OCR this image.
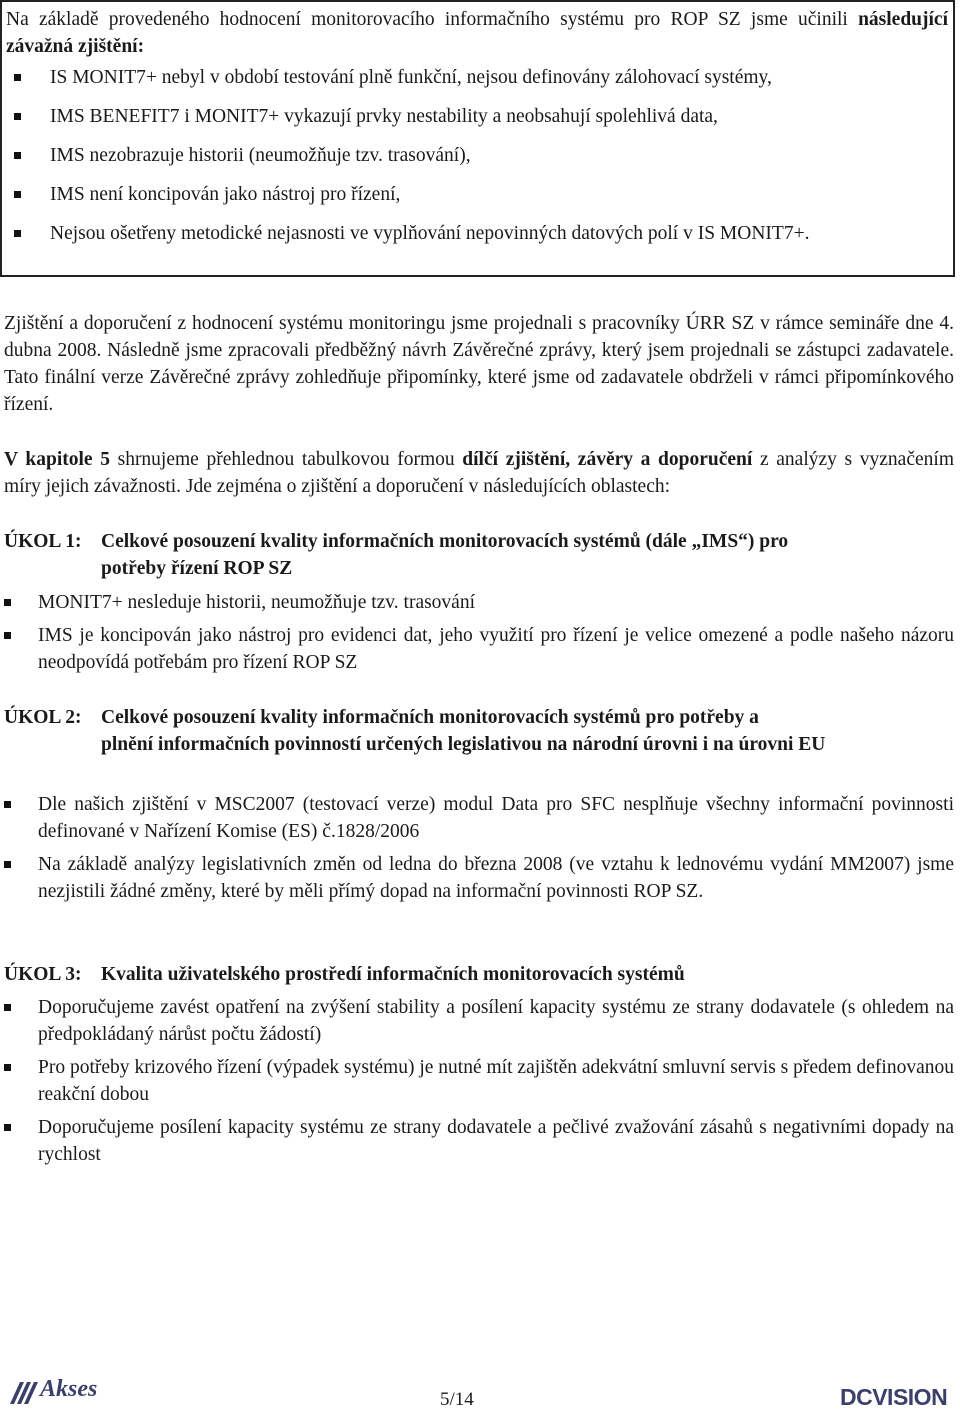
Na základě provedeného hodnocení monitorovacího informačního systému pro ROP SZ jsme učinili následující závažná zjištění:

IS MONIT7+ nebyl v období testování plně funkční, nejsou definovány zálohovací systémy,
IMS BENEFIT7 i MONIT7+ vykazují prvky nestability a neobsahují spolehlivá data,
IMS nezobrazuje historii (neumožňuje tzv. trasování),
IMS není koncipován jako nástroj pro řízení,
Nejsou ošetřeny metodické nejasnosti ve vyplňování nepovinných datových polí v IS MONIT7+.

Zjištění a doporučení z hodnocení systému monitoringu jsme projednali s pracovníky ÚRR SZ v rámce semináře dne 4. dubna 2008. Následně jsme zpracovali předběžný návrh Závěrečné zprávy, který jsem projednali se zástupci zadavatele. Tato finální verze Závěrečné zprávy zohledňuje připomínky, které jsme od zadavatele obdrželi v rámci připomínkového řízení.

V kapitole 5 shrnujeme přehlednou tabulkovou formou dílčí zjištění, závěry a doporučení z analýzy s vyznačením míry jejich závažnosti. Jde zejména o zjištění a doporučení v následujících oblastech:

ÚKOL 1: Celkové posouzení kvality informačních monitorovacích systémů (dále „IMS“) pro
potřeby řízení ROP SZ
MONIT7+ nesleduje historii, neumožňuje tzv. trasování
IMS je koncipován jako nástroj pro evidenci dat, jeho využití pro řízení je velice omezené a podle našeho názoru neodpovídá potřebám pro řízení ROP SZ
ÚKOL 2: Celkové posouzení kvality informačních monitorovacích systémů pro potřeby a
plnění informačních povinností určených legislativou na národní úrovni i na úrovni EU
Dle našich zjištění v MSC2007 (testovací verze) modul Data pro SFC nesplňuje všechny informační povinnosti definované v Nařízení Komise (ES) č.1828/2006
Na základě analýzy legislativních změn od ledna do března 2008 (ve vztahu k lednovému vydání MM2007) jsme nezjistili žádné změny, které by měli přímý dopad na informační povinnosti ROP SZ.
ÚKOL 3: Kvalita uživatelského prostředí informačních monitorovacích systémů
Doporučujeme zavést opatření na zvýšení stability a posílení kapacity systému ze strany dodavatele (s ohledem na předpokládaný nárůst počtu žádostí)
Pro potřeby krizového řízení (výpadek systému) je nutné mít zajištěn adekvátní smluvní servis s předem definovanou reakční dobou
Doporučujeme posílení kapacity systému ze strany dodavatele a pečlivé zvažování zásahů s negativními dopady na rychlost
Akses	5/14	DCVISION
